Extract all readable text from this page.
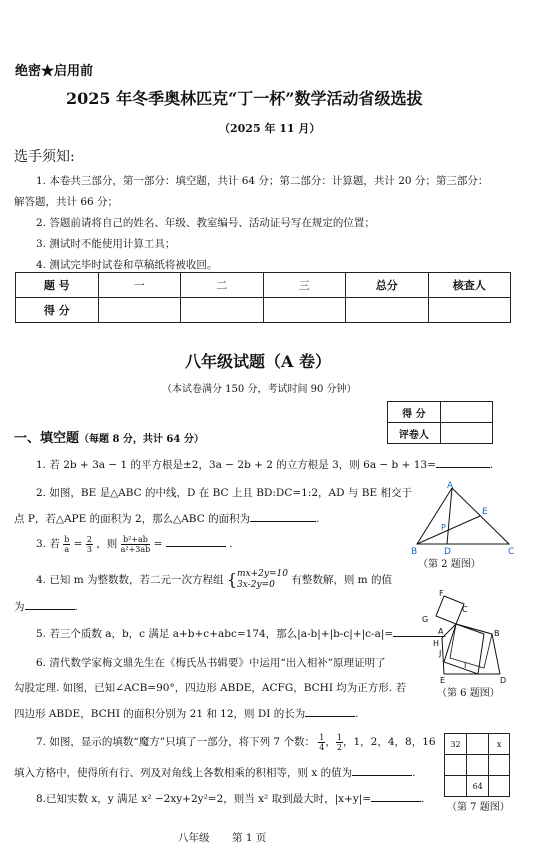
绝密★启用前
2025 年冬季奥林匹克“丁一杯”数学活动省级选拔
（2025 年 11 月）
选手须知:
1. 本卷共三部分，第一部分：填空题，共计 64 分；第二部分：计算题，共计 20 分；第三部分：
解答题，共计 66 分；
2. 答题前请将自己的姓名、年级、教室编号、活动证号写在规定的位置；
3. 测试时不能使用计算工具；
4. 测试完毕时试卷和草稿纸将被收回。
题 号	一	二	三	总分	核查人
得 分					
八年级试题（A 卷）
（本试卷满分 150 分，考试时间 90 分钟）
得 分	
评卷人	
一、填空题（每题 8 分，共计 64 分）
1. 若 2b + 3a − 1 的平方根是±2，3a − 2b + 2 的立方根是 3，则 6a − b + 13=	.
2. 如图，BE 是△ABC 的中线，D 在 BC 上且 BD:DC=1:2，AD 与 BE 相交于
点 P，若△APE 的面积为 2，那么△ABC 的面积为	.
3. 若 $\frac{b}{a} = \frac{2}{3}$ ，则 $\frac{\text{b²+ab}}{\text{a²+3ab}}$ =	.
4. 已知 m 为整数数，若二元一次方程组 { mx+2y=10
3x-2y=0	有整数解，则 m 的值
为	.
5. 若三个质数 a，b，c 满足 a+b+c+abc=174，那么|a-b|+|b-c|+|c-a|=	.
6. 清代数学家梅文鼎先生在《梅氏丛书辑要》中运用“出入相补”原理证明了
勾股定理. 如图，已知∠ACB=90°，四边形 ABDE，ACFG，BCHI 均为正方形. 若
四边形 ABDE，BCHI 的面积分别为 21 和 12，则 DI 的长为	.
7. 如图，显示的填数“魔方”只填了一部分，将下列 7 个数： $\frac{1}{4}$ ， $\frac{1}{2}$ ，1，2，4，8，16
填入方格中，使得所有行、列及对角线上各数相乘的积相等，则 x 的值为	.
8.已知实数 x，y 满足 x² −2xy+2y²=2，则当 x² 取到最大时，|x+y|=	.
A
E
P
B	D	C
（第 2 题图）
F
C
G
B
A
H
J
I
E	D
（第 6 题图）
32		x

	64	
（第 7 题图）
八年级 第 1 页
